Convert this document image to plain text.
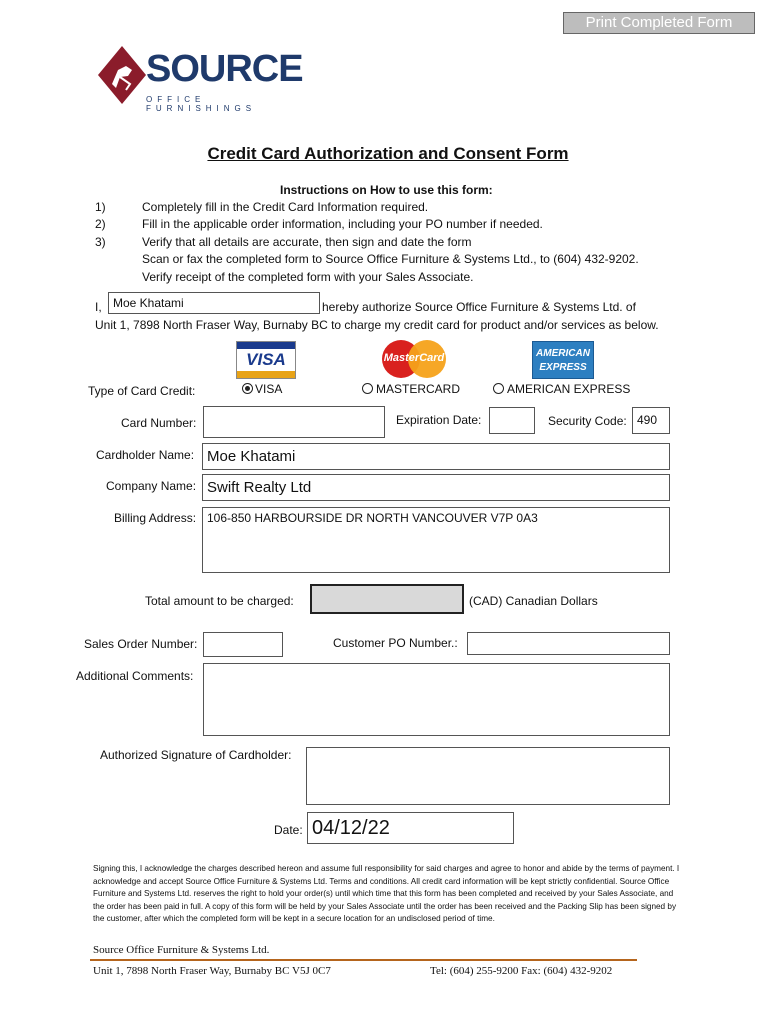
Print Completed Form
SOURCE
OFFICE FURNISHINGS
Credit Card Authorization and Consent Form
Instructions on How to use this form:
1)	Completely fill in the Credit Card Information required.
2)	Fill in the applicable order information, including your PO number if needed.
3)	Verify that all details are accurate, then sign and date the form
Scan or fax the completed form to Source Office Furniture & Systems Ltd., to (604) 432-9202.
Verify receipt of the completed form with your Sales Associate.
I, Moe Khatami	hereby authorize Source Office Furniture & Systems Ltd. of
Unit 1, 7898 North Fraser Way, Burnaby BC to charge my credit card for product and/or services as below.
VISA	MasterCard	AMERICAN
EXPRESS
Type of Card Credit:	VISA	MASTERCARD	AMERICAN EXPRESS
Card Number:	Expiration Date:	Security Code: 490
Cardholder Name: Moe Khatami
Company Name: Swift Realty Ltd
Billing Address: 106-850 HARBOURSIDE DR NORTH VANCOUVER V7P 0A3
Total amount to be charged:	(CAD) Canadian Dollars
Sales Order Number:	Customer PO Number.:
Additional Comments:
Authorized Signature of Cardholder:
Date: 04/12/22
Signing this, I acknowledge the charges described hereon and assume full responsibility for said charges and agree to honor and abide by the terms of payment. I acknowledge and accept Source Office Furniture & Systems Ltd. Terms and conditions. All credit card information will be kept strictly confidential. Source Office Furniture and Systems Ltd. reserves the right to hold your order(s) until which time that this form has been completed and received by your Sales Associate, and the order has been paid in full. A copy of this form will be held by your Sales Associate until the order has been received and the Packing Slip has been signed by the customer, after which the completed form will be kept in a secure location for an undisclosed period of time.
Source Office Furniture & Systems Ltd.
Unit 1, 7898 North Fraser Way, Burnaby BC V5J 0C7	Tel: (604) 255-9200 Fax: (604) 432-9202
